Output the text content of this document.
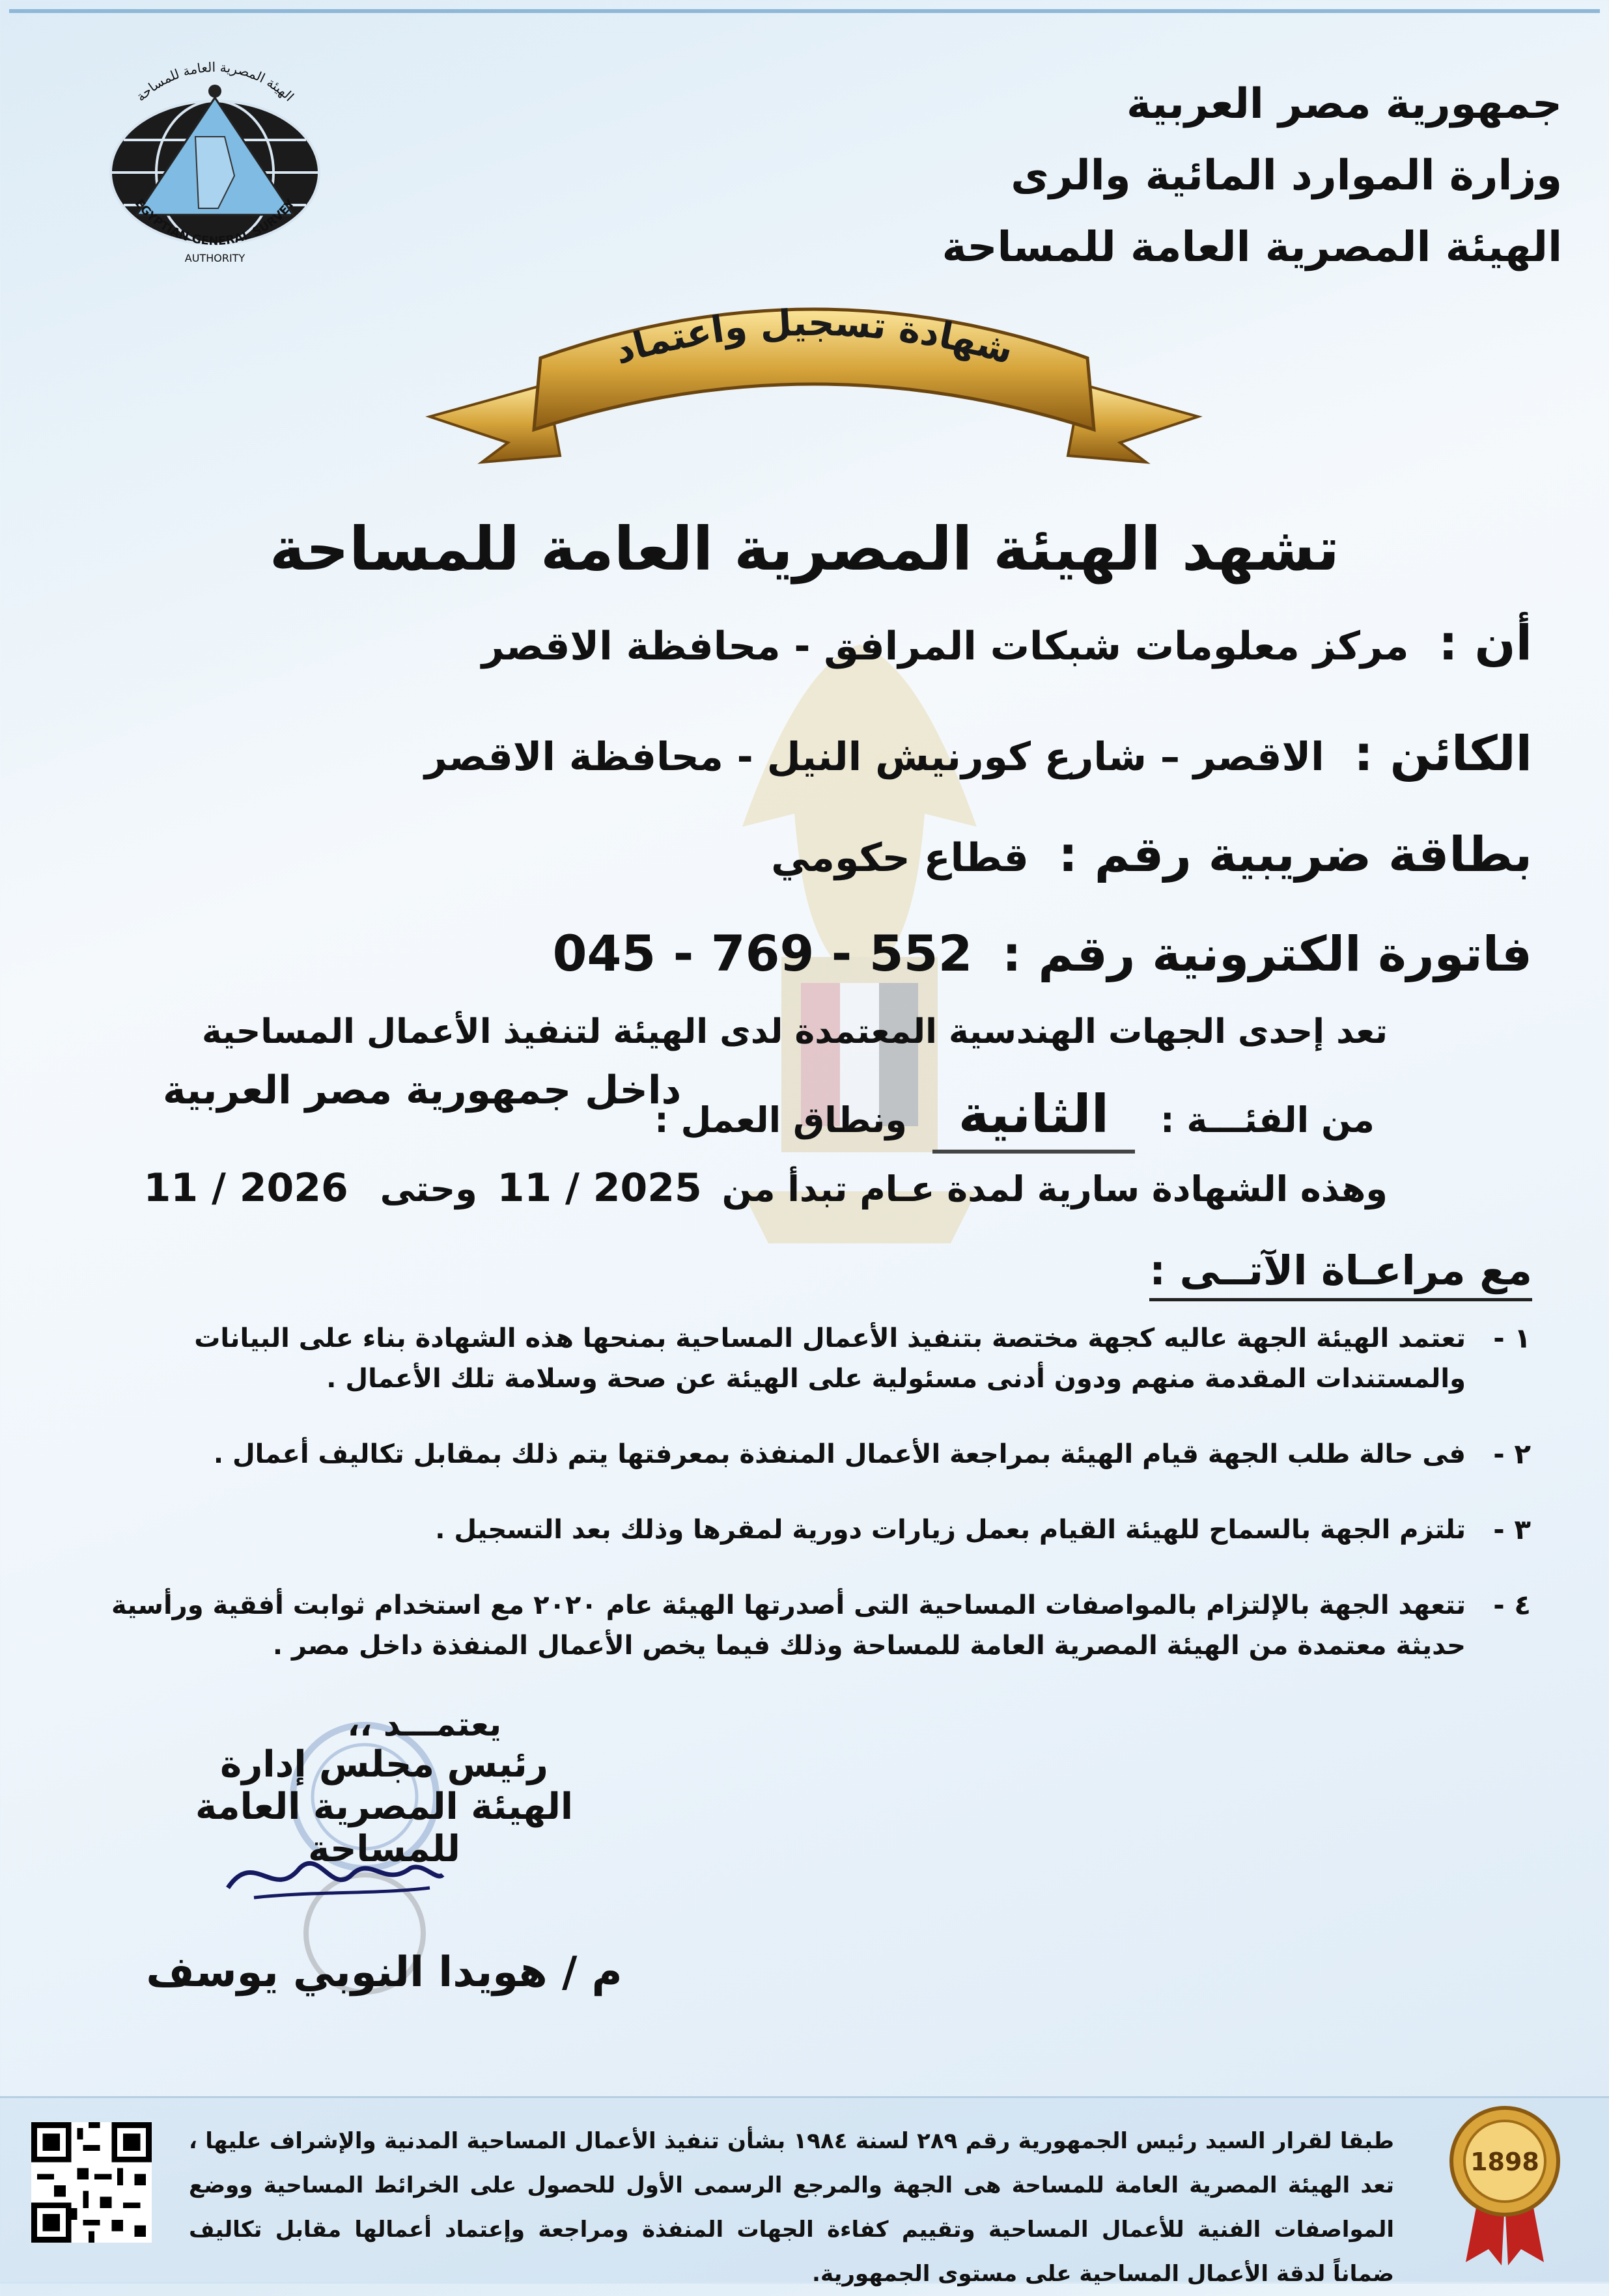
جمهورية مصر العربية
وزارة الموارد المائية والرى
الهيئة المصرية العامة للمساحة
الهيئة المصرية العامة للمساحة
EGYPTIAN GENERAL SURVEY
AUTHORITY
شهادة تسجيل واعتماد
تشهد الهيئة المصرية العامة للمساحة
أن : مركز معلومات شبكات المرافق - محافظة الاقصر
الكائن : الاقصر – شارع كورنيش النيل - محافظة الاقصر
بطاقة ضريبية رقم : قطاع حكومي
فاتورة الكترونية رقم : 045 - 769 - 552
تعد إحدى الجهات الهندسية المعتمدة لدى الهيئة لتنفيذ الأعمال المساحية
من الفئـــة : الثانية ونطاق العمل :
داخل جمهورية مصر العربية
وهذه الشهادة سارية لمدة عـام تبدأ من 11 / 2025 وحتى 11 / 2026
مع مراعـاة الآتــى :
١ -
تعتمد الهيئة الجهة عاليه كجهة مختصة بتنفيذ الأعمال المساحية بمنحها هذه الشهادة بناء على البيانات والمستندات المقدمة منهم ودون أدنى مسئولية على الهيئة عن صحة وسلامة تلك الأعمال .
٢ -
فى حالة طلب الجهة قيام الهيئة بمراجعة الأعمال المنفذة بمعرفتها يتم ذلك بمقابل تكاليف أعمال .
٣ -
تلتزم الجهة بالسماح للهيئة القيام بعمل زيارات دورية لمقرها وذلك بعد التسجيل .
٤ -
تتعهد الجهة بالإلتزام بالمواصفات المساحية التى أصدرتها الهيئة عام ٢٠٢٠ مع استخدام ثوابت أفقية ورأسية حديثة معتمدة من الهيئة المصرية العامة للمساحة وذلك فيما يخص الأعمال المنفذة داخل مصر .
يعتمـــد ،،
رئيس مجلس إدارة
الهيئة المصرية العامة للمساحة
م / هويدا النوبي يوسف
طبقا لقرار السيد رئيس الجمهورية رقم ٢٨٩ لسنة ١٩٨٤ بشأن تنفيذ الأعمال المساحية المدنية والإشراف عليها ، تعد الهيئة المصرية العامة للمساحة هى الجهة والمرجع الرسمى الأول للحصول على الخرائط المساحية ووضع المواصفات الفنية للأعمال المساحية وتقييم كفاءة الجهات المنفذة ومراجعة وإعتماد أعمالها مقابل تكاليف ضماناً لدقة الأعمال المساحية على مستوى الجمهورية.
1898
